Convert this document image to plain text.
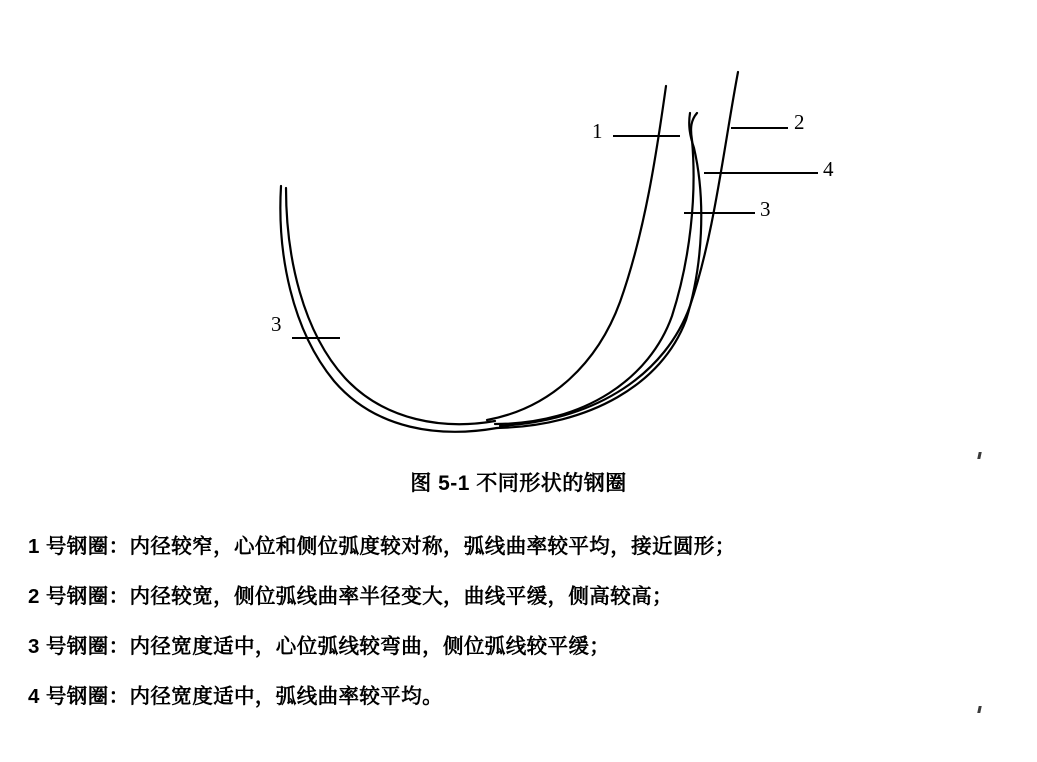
1	2
4
3
3
图 5-1 不同形状的钢圈
1 号钢圈：内径较窄，心位和侧位弧度较对称，弧线曲率较平均，接近圆形；
2 号钢圈：内径较宽，侧位弧线曲率半径变大，曲线平缓，侧高较高；
3 号钢圈：内径宽度适中，心位弧线较弯曲，侧位弧线较平缓；
4 号钢圈：内径宽度适中，弧线曲率较平均。
